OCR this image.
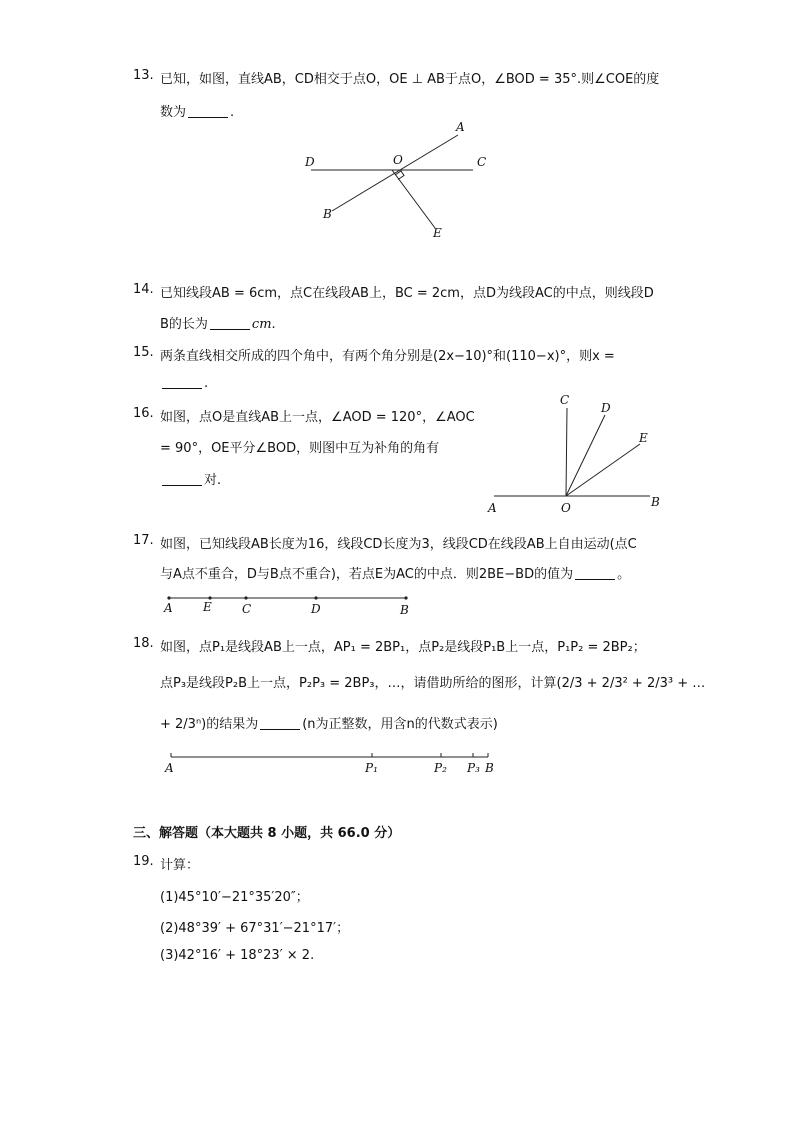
13. 已知，如图，直线AB，CD相交于点O，OE ⊥ AB于点O，∠BOD = 35°.则∠COE的度
数为	.
D	O	C
A
B
E
14. 已知线段AB = 6cm，点C在线段AB上，BC = 2cm，点D为线段AC的中点，则线段D
B的长为	cm.
15. 两条直线相交所成的四个角中，有两个角分别是(2x−10)°和(110−x)°，则x =
.
16. 如图，点O是直线AB上一点，∠AOD = 120°，∠AOC
= 90°，OE平分∠BOD，则图中互为补角的角有
对.
C
D
E
A	O	B
17. 如图，已知线段AB长度为16，线段CD长度为3，线段CD在线段AB上自由运动(点C
与A点不重合，D与B点不重合)，若点E为AC的中点．则2BE−BD的值为	。
A	E	C	D	B
18. 如图，点P₁是线段AB上一点，AP₁ = 2BP₁，点P₂是线段P₁B上一点，P₁P₂ = 2BP₂；
点P₃是线段P₂B上一点，P₂P₃ = 2BP₃，…，请借助所给的图形，计算(2/3 + 2/3² + 2/3³ + …
+ 2/3ⁿ)的结果为	(n为正整数，用含n的代数式表示)
A	P₁	P₂ P₃ B
三、解答题（本大题共 8 小题，共 66.0 分）
19. 计算：
(1)45°10′−21°35′20″；
(2)48°39′ + 67°31′−21°17′；
(3)42°16′ + 18°23′ × 2.
